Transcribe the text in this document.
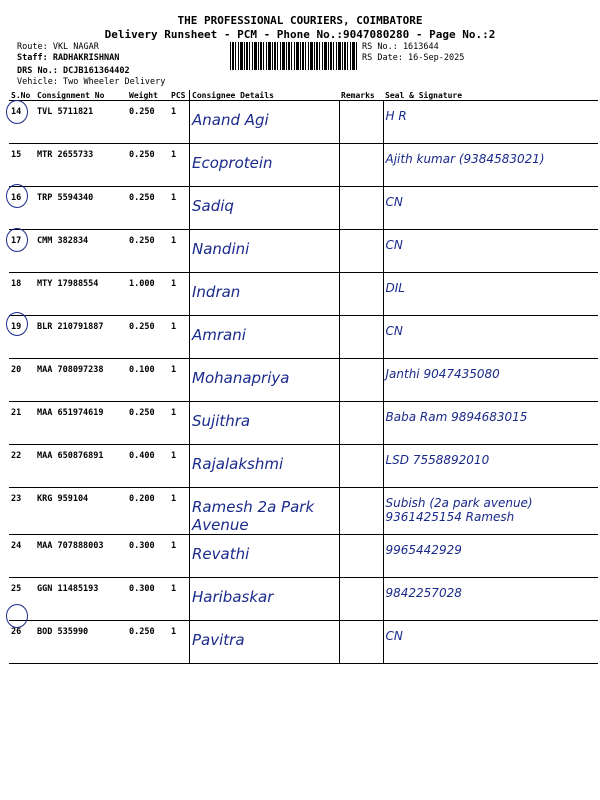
THE PROFESSIONAL COURIERS, COIMBATORE
Delivery Runsheet - PCM - Phone No.:9047080280 - Page No.:2
Route: VKL NAGAR
Staff: RADHAKRISHNAN
DRS No.: DCJB161364402
Vehicle: Two Wheeler Delivery
RS No.: 1613644
RS Date: 16-Sep-2025
S.No	Consignment No	Weight	PCS	Consignee Details	Remarks	Seal & Signature
14	TVL 5711821	0.250	1	Anand Agi		H R

15	MTR 2655733	0.250	1	Ecoprotein		Ajith kumar (9384583021)

16	TRP 5594340	0.250	1	Sadiq		CN

17	CMM 382834	0.250	1	Nandini		CN

18	MTY 17988554	1.000	1	Indran		DIL

19	BLR 210791887	0.250	1	Amrani		CN

20	MAA 708097238	0.100	1	Mohanapriya		Janthi 9047435080

21	MAA 651974619	0.250	1	Sujithra		Baba Ram 9894683015

22	MAA 650876891	0.400	1	Rajalakshmi		LSD 7558892010

23	KRG 959104	0.200	1	Ramesh 2a Park Avenue		Subish (2a park avenue) 9361425154 Ramesh

24	MAA 707888003	0.300	1	Revathi		9965442929

25	GGN 11485193	0.300	1	Haribaskar		9842257028

26	BOD 535990	0.250	1	Pavitra		CN
